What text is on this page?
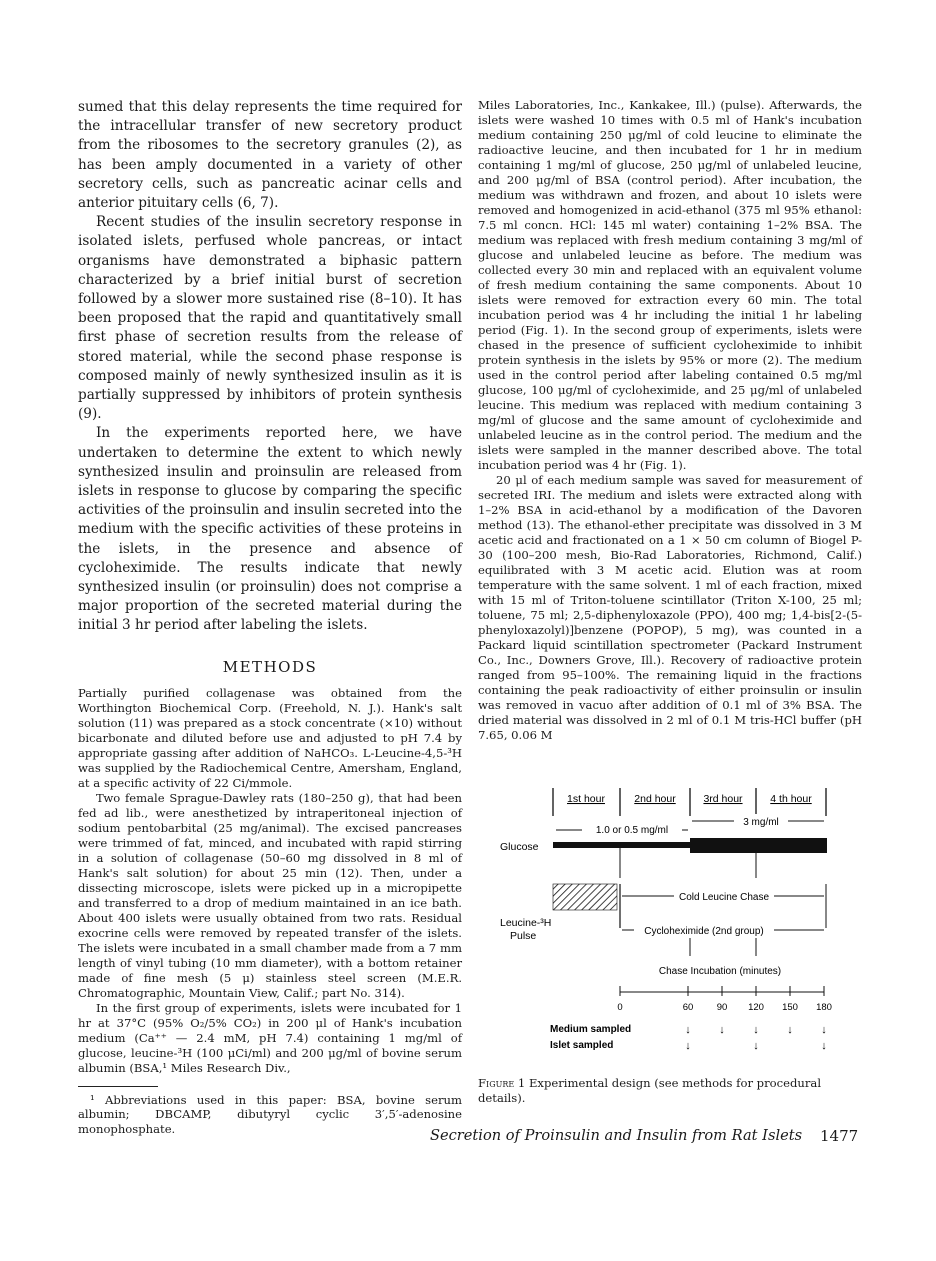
sumed that this delay represents the time required for the intracellular transfer of new secretory product from the ribosomes to the secretory granules (2), as has been amply documented in a variety of other secretory cells, such as pancreatic acinar cells and anterior pituitary cells (6, 7).

Recent studies of the insulin secretory response in isolated islets, perfused whole pancreas, or intact organisms have demonstrated a biphasic pattern characterized by a brief initial burst of secretion followed by a slower more sustained rise (8–10). It has been proposed that the rapid and quantitatively small first phase of secretion results from the release of stored material, while the second phase response is composed mainly of newly synthesized insulin as it is partially suppressed by inhibitors of protein synthesis (9).

In the experiments reported here, we have undertaken to determine the extent to which newly synthesized insulin and proinsulin are released from islets in response to glucose by comparing the specific activities of the proinsulin and insulin secreted into the medium with the specific activities of these proteins in the islets, in the presence and absence of cycloheximide. The results indicate that newly synthesized insulin (or proinsulin) does not comprise a major proportion of the secreted material during the initial 3 hr period after labeling the islets.

METHODS

Partially purified collagenase was obtained from the Worthington Biochemical Corp. (Freehold, N. J.). Hank's salt solution (11) was prepared as a stock concentrate (×10) without bicarbonate and diluted before use and adjusted to pH 7.4 by appropriate gassing after addition of NaHCO₃. L-Leucine-4,5-³H was supplied by the Radiochemical Centre, Amersham, England, at a specific activity of 22 Ci/mmole.

Two female Sprague-Dawley rats (180–250 g), that had been fed ad lib., were anesthetized by intraperitoneal injection of sodium pentobarbital (25 mg/animal). The excised pancreases were trimmed of fat, minced, and incubated with rapid stirring in a solution of collagenase (50–60 mg dissolved in 8 ml of Hank's salt solution) for about 25 min (12). Then, under a dissecting microscope, islets were picked up in a micropipette and transferred to a drop of medium maintained in an ice bath. About 400 islets were usually obtained from two rats. Residual exocrine cells were removed by repeated transfer of the islets. The islets were incubated in a small chamber made from a 7 mm length of vinyl tubing (10 mm diameter), with a bottom retainer made of fine mesh (5 μ) stainless steel screen (M.E.R. Chromatographic, Mountain View, Calif.; part No. 314).

In the first group of experiments, islets were incubated for 1 hr at 37°C (95% O₂/5% CO₂) in 200 μl of Hank's incubation medium (Ca⁺⁺ — 2.4 mM, pH 7.4) containing 1 mg/ml of glucose, leucine-³H (100 μCi/ml) and 200 μg/ml of bovine serum albumin (BSA,¹ Miles Research Div.,

¹ Abbreviations used in this paper: BSA, bovine serum albumin; DBCAMP, dibutyryl cyclic 3′,5′-adenosine monophosphate.

Miles Laboratories, Inc., Kankakee, Ill.) (pulse). Afterwards, the islets were washed 10 times with 0.5 ml of Hank's incubation medium containing 250 μg/ml of cold leucine to eliminate the radioactive leucine, and then incubated for 1 hr in medium containing 1 mg/ml of glucose, 250 μg/ml of unlabeled leucine, and 200 μg/ml of BSA (control period). After incubation, the medium was withdrawn and frozen, and about 10 islets were removed and homogenized in acid-ethanol (375 ml 95% ethanol: 7.5 ml concn. HCl: 145 ml water) containing 1–2% BSA. The medium was replaced with fresh medium containing 3 mg/ml of glucose and unlabeled leucine as before. The medium was collected every 30 min and replaced with an equivalent volume of fresh medium containing the same components. About 10 islets were removed for extraction every 60 min. The total incubation period was 4 hr including the initial 1 hr labeling period (Fig. 1). In the second group of experiments, islets were chased in the presence of sufficient cycloheximide to inhibit protein synthesis in the islets by 95% or more (2). The medium used in the control period after labeling contained 0.5 mg/ml glucose, 100 μg/ml of cycloheximide, and 25 μg/ml of unlabeled leucine. This medium was replaced with medium containing 3 mg/ml of glucose and the same amount of cycloheximide and unlabeled leucine as in the control period. The medium and the islets were sampled in the manner described above. The total incubation period was 4 hr (Fig. 1).

20 μl of each medium sample was saved for measurement of secreted IRI. The medium and islets were extracted along with 1–2% BSA in acid-ethanol by a modification of the Davoren method (13). The ethanol-ether precipitate was dissolved in 3 M acetic acid and fractionated on a 1 × 50 cm column of Biogel P-30 (100–200 mesh, Bio-Rad Laboratories, Richmond, Calif.) equilibrated with 3 M acetic acid. Elution was at room temperature with the same solvent. 1 ml of each fraction, mixed with 15 ml of Triton-toluene scintillator (Triton X-100, 25 ml; toluene, 75 ml; 2,5-diphenyloxazole (PPO), 400 mg; 1,4-bis[2-(5-phenyloxazolyl)]benzene (POPOP), 5 mg), was counted in a Packard liquid scintillation spectrometer (Packard Instrument Co., Inc., Downers Grove, Ill.). Recovery of radioactive protein ranged from 95–100%. The remaining liquid in the fractions containing the peak radioactivity of either proinsulin or insulin was removed in vacuo after addition of 0.1 ml of 3% BSA. The dried material was dissolved in 2 ml of 0.1 M tris-HCl buffer (pH 7.65, 0.06 M

1st hour	2nd hour	3rd hour	4 th hour
1.0 or 0.5 mg/ml
3 mg/ml
Glucose
Cold Leucine Chase
Leucine-³H
Pulse	Cycloheximide (2nd group)
Chase Incubation (minutes)
0	60 90 120 150 180
Medium sampled
Islet sampled
↓
↓
↓	↓
↓
↓	↓
↓
Figure 1 Experimental design (see methods for procedural details).
Secretion of Proinsulin and Insulin from Rat Islets 1477
